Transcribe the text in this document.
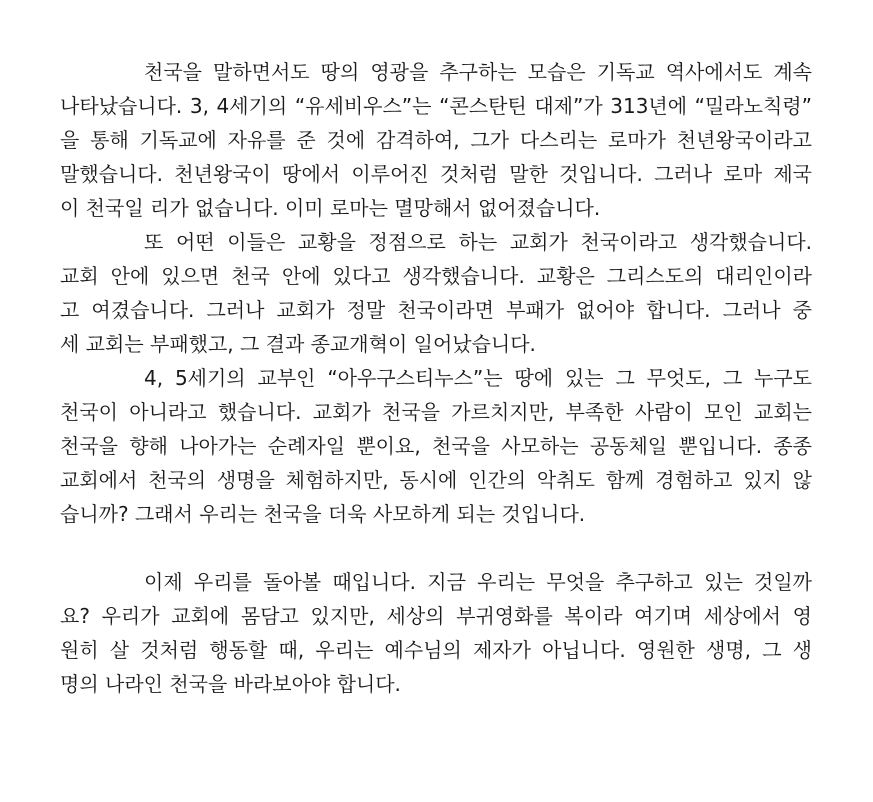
천국을 말하면서도 땅의 영광을 추구하는 모습은 기독교 역사에서도 계속
나타났습니다. 3, 4세기의 “유세비우스”는 “콘스탄틴 대제”가 313년에 “밀라노칙령”
을 통해 기독교에 자유를 준 것에 감격하여, 그가 다스리는 로마가 천년왕국이라고
말했습니다. 천년왕국이 땅에서 이루어진 것처럼 말한 것입니다. 그러나 로마 제국
이 천국일 리가 없습니다. 이미 로마는 멸망해서 없어졌습니다.
또 어떤 이들은 교황을 정점으로 하는 교회가 천국이라고 생각했습니다.
교회 안에 있으면 천국 안에 있다고 생각했습니다. 교황은 그리스도의 대리인이라
고 여겼습니다. 그러나 교회가 정말 천국이라면 부패가 없어야 합니다. 그러나 중
세 교회는 부패했고, 그 결과 종교개혁이 일어났습니다.
4, 5세기의 교부인 “아우구스티누스”는 땅에 있는 그 무엇도, 그 누구도
천국이 아니라고 했습니다. 교회가 천국을 가르치지만, 부족한 사람이 모인 교회는
천국을 향해 나아가는 순례자일 뿐이요, 천국을 사모하는 공동체일 뿐입니다. 종종
교회에서 천국의 생명을 체험하지만, 동시에 인간의 악취도 함께 경험하고 있지 않
습니까? 그래서 우리는 천국을 더욱 사모하게 되는 것입니다.
이제 우리를 돌아볼 때입니다. 지금 우리는 무엇을 추구하고 있는 것일까
요? 우리가 교회에 몸담고 있지만, 세상의 부귀영화를 복이라 여기며 세상에서 영
원히 살 것처럼 행동할 때, 우리는 예수님의 제자가 아닙니다. 영원한 생명, 그 생
명의 나라인 천국을 바라보아야 합니다.
